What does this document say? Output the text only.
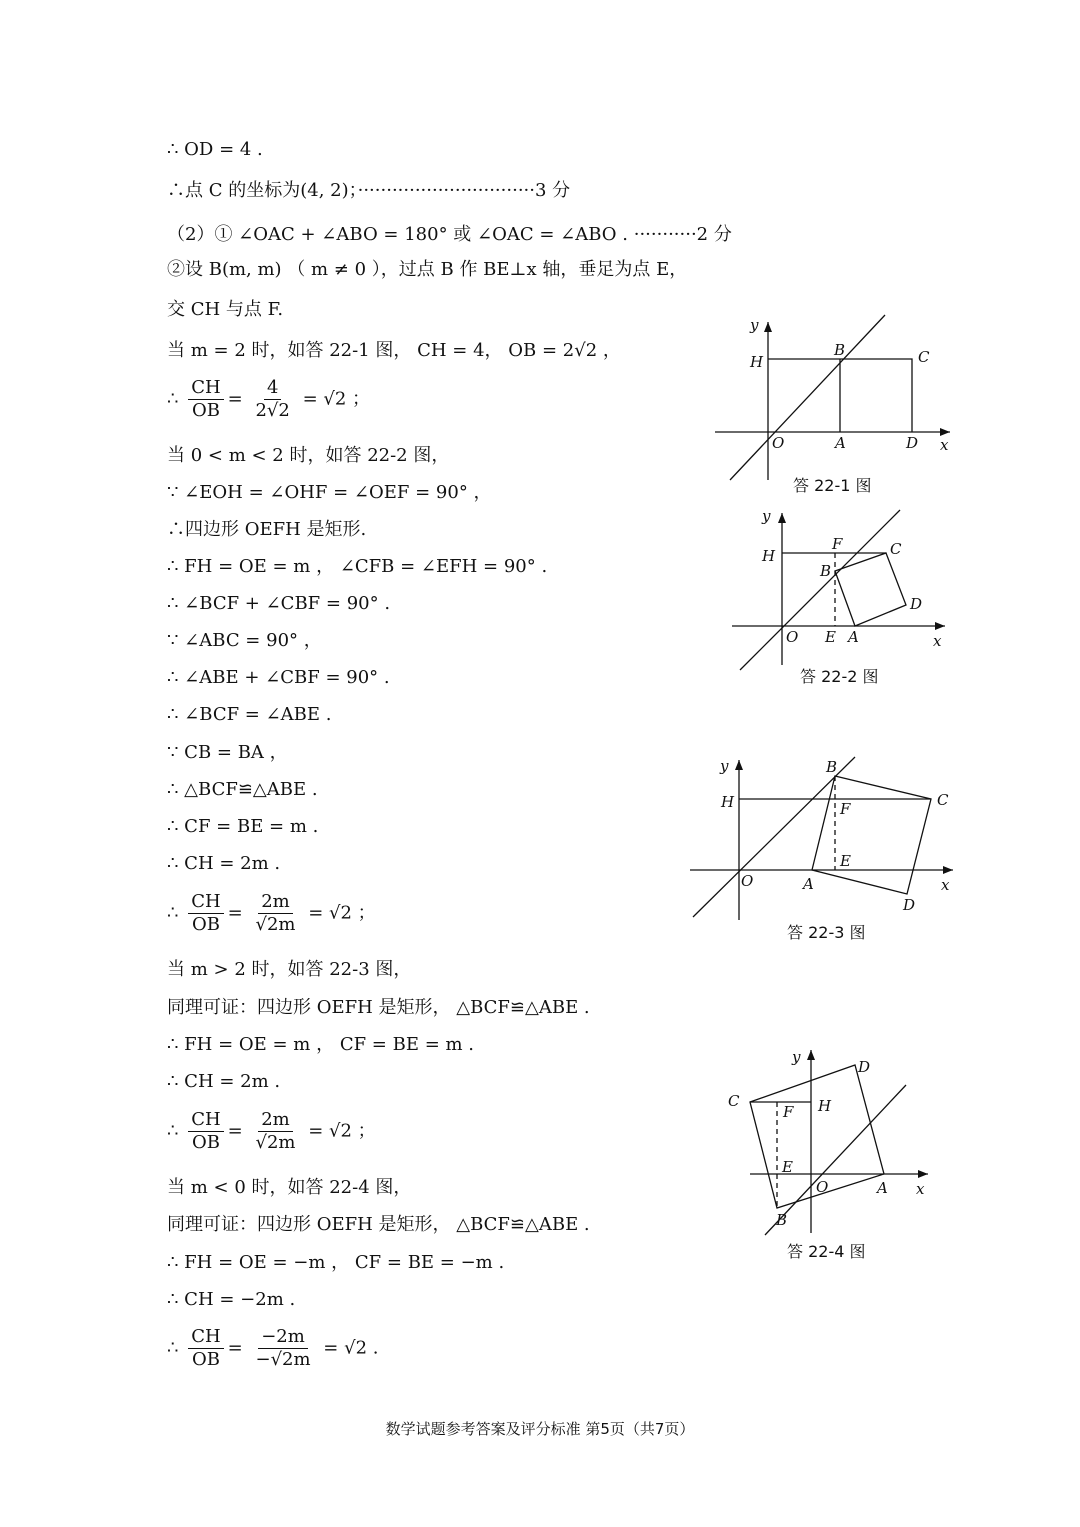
∴ OD = 4 .
∴点 C 的坐标为(4, 2)；·······························3 分
（2）① ∠OAC + ∠ABO = 180° 或 ∠OAC = ∠ABO . ···········2 分
②设 B(m, m) （ m ≠ 0 ），过点 B 作 BE⊥x 轴，垂足为点 E，
交 CH 与点 F.
当 m = 2 时，如答 22-1 图， CH = 4， OB = 2√2 ，
∴ $\frac{CH}{OB} = \frac{4}{2√2} = √2$ ；
当 0 < m < 2 时，如答 22-2 图，
∵ ∠EOH = ∠OHF = ∠OEF = 90° ，
∴四边形 OEFH 是矩形.
∴ FH = OE = m ， ∠CFB = ∠EFH = 90° .
∴ ∠BCF + ∠CBF = 90° .
∵ ∠ABC = 90° ，
∴ ∠ABE + ∠CBF = 90° .
∴ ∠BCF = ∠ABE .
∵ CB = BA ，
∴ △BCF≌△ABE .
∴ CF = BE = m .
∴ CH = 2m .
∴ $\frac{CH}{OB} = \frac{2m}{√2m} = √2$ ；
当 m > 2 时，如答 22-3 图，
同理可证：四边形 OEFH 是矩形， △BCF≌△ABE .
∴ FH = OE = m ， CF = BE = m .
∴ CH = 2m .
∴ $\frac{CH}{OB} = \frac{2m}{√2m} = √2$ ；
当 m < 0 时，如答 22-4 图，
同理可证：四边形 OEFH 是矩形， △BCF≌△ABE .
∴ FH = OE = −m ， CF = BE = −m .
∴ CH = −2m .
∴ $\frac{CH}{OB} = \frac{-2m}{-√2m} = √2$ .
y
H
B	C
O	A	D x
答 22-1 图
y
H
F
B
C
D
O E A	x
答 22-2 图
y
H
B
F	C
E
O	A
D
x
答 22-3 图
y
D
C
F H
E
O	A
B
x
答 22-4 图
数学试题参考答案及评分标准 第5页（共7页）
